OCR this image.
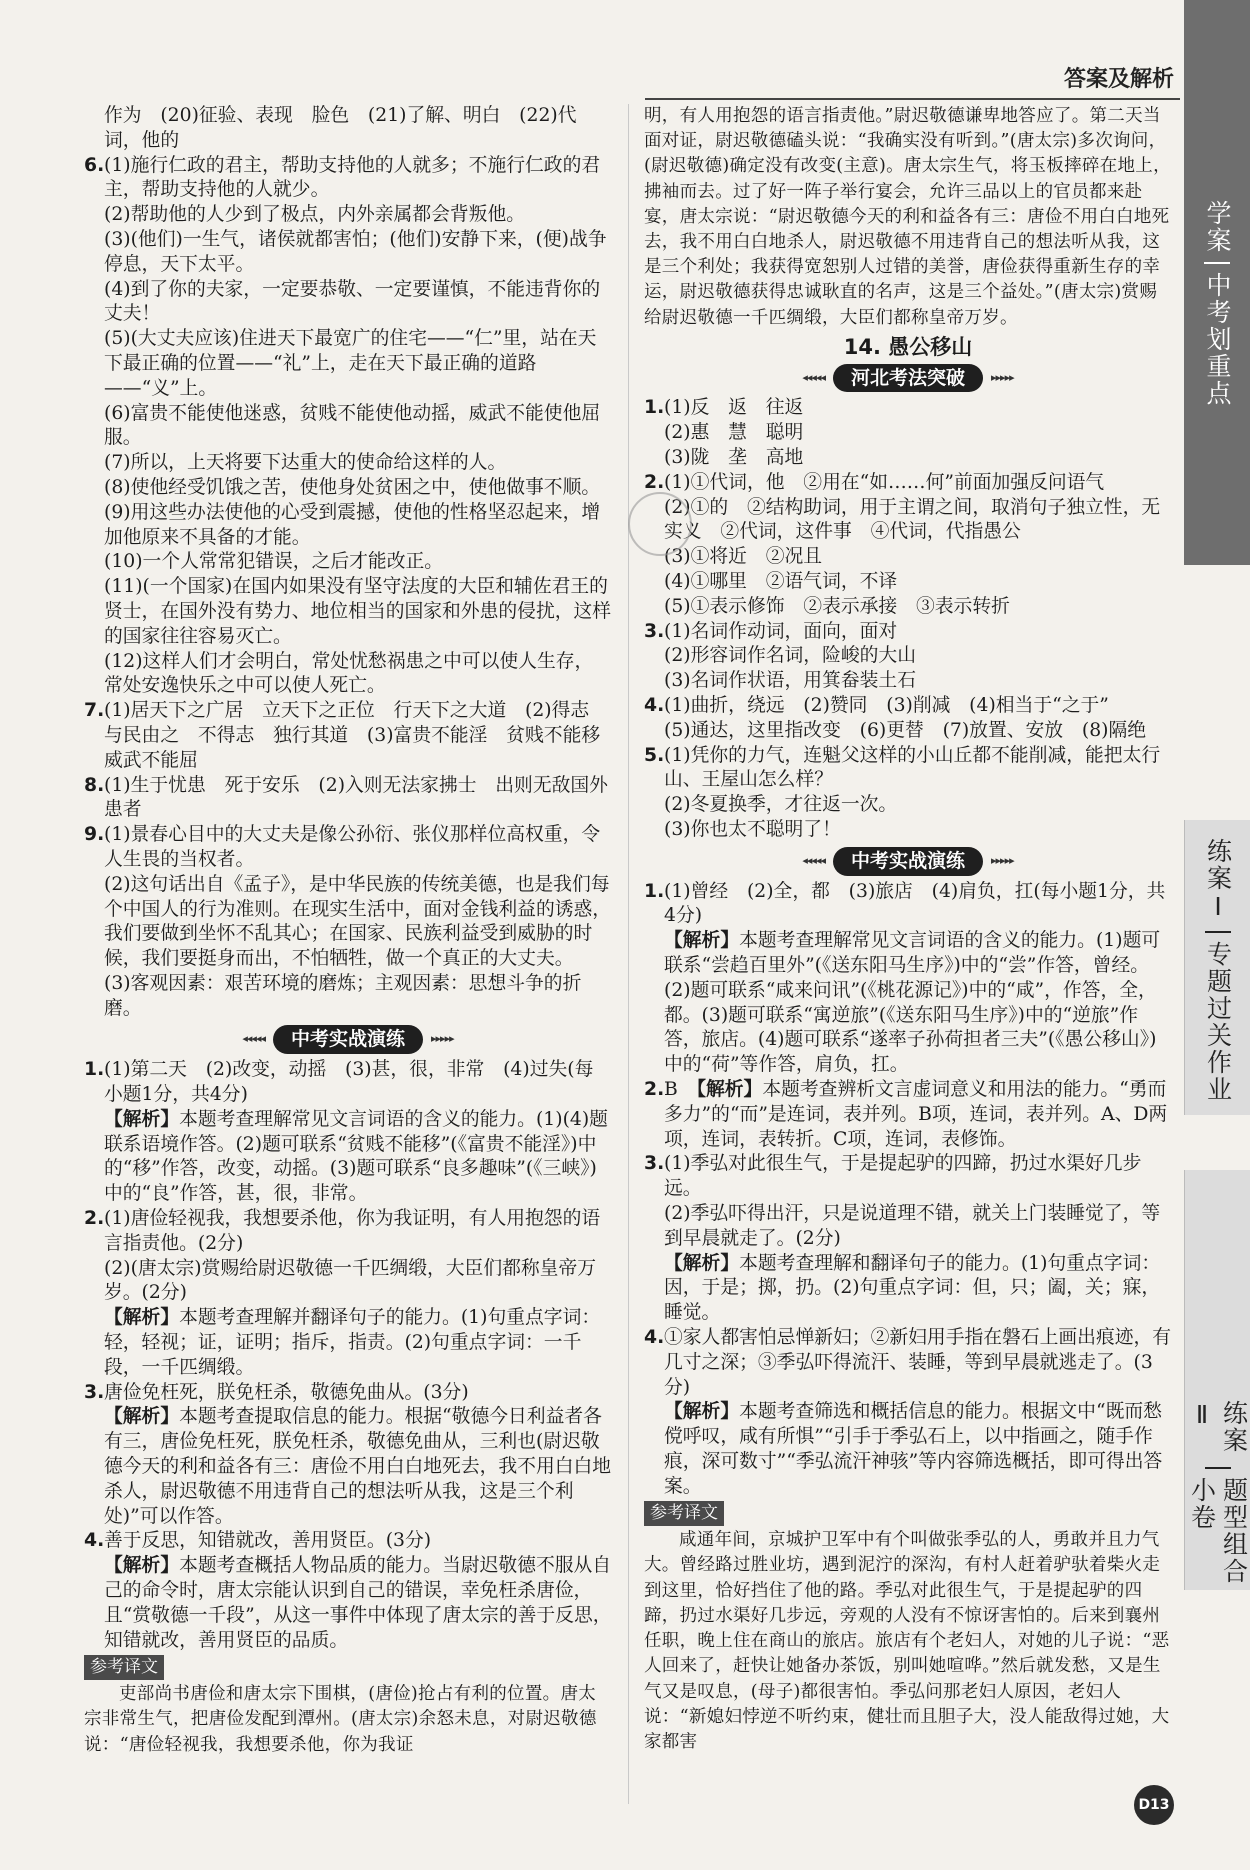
答案及解析
学案
中考划重点
练案Ⅰ
专题过关作业
练案Ⅱ
题型组合小卷

作为　(20)征验、表现　脸色　(21)了解、明白　(22)代词，他的

6. (1)施行仁政的君主，帮助支持他的人就多；不施行仁政的君主，帮助支持他的人就少。

(2)帮助他的人少到了极点，内外亲属都会背叛他。

(3)(他们)一生气，诸侯就都害怕；(他们)安静下来，(便)战争停息，天下太平。

(4)到了你的夫家，一定要恭敬、一定要谨慎，不能违背你的丈夫！

(5)(大丈夫应该)住进天下最宽广的住宅——“仁”里，站在天下最正确的位置——“礼”上，走在天下最正确的道路——“义”上。

(6)富贵不能使他迷惑，贫贱不能使他动摇，威武不能使他屈服。

(7)所以，上天将要下达重大的使命给这样的人。

(8)使他经受饥饿之苦，使他身处贫困之中，使他做事不顺。

(9)用这些办法使他的心受到震撼，使他的性格坚忍起来，增加他原来不具备的才能。

(10)一个人常常犯错误，之后才能改正。

(11)(一个国家)在国内如果没有坚守法度的大臣和辅佐君王的贤士，在国外没有势力、地位相当的国家和外患的侵扰，这样的国家往往容易灭亡。

(12)这样人们才会明白，常处忧愁祸患之中可以使人生存，常处安逸快乐之中可以使人死亡。

7. (1)居天下之广居　立天下之正位　行天下之大道　(2)得志　与民由之　不得志　独行其道　(3)富贵不能淫　贫贱不能移　威武不能屈

8. (1)生于忧患　死于安乐　(2)入则无法家拂士　出则无敌国外患者

9. (1)景春心目中的大丈夫是像公孙衍、张仪那样位高权重，令人生畏的当权者。

(2)这句话出自《孟子》，是中华民族的传统美德，也是我们每个中国人的行为准则。在现实生活中，面对金钱利益的诱惑，我们要做到坐怀不乱其心；在国家、民族利益受到威胁的时候，我们要挺身而出，不怕牺牲，做一个真正的大丈夫。

(3)客观因素：艰苦环境的磨炼；主观因素：思想斗争的折磨。

◂◂◂◂◂	中考实战演练	▸▸▸▸▸
1. (1)第二天　(2)改变，动摇　(3)甚，很，非常　(4)过失(每小题1分，共4分)

【解析】本题考查理解常见文言词语的含义的能力。(1)(4)题联系语境作答。(2)题可联系“贫贱不能移”(《富贵不能淫》)中的“移”作答，改变，动摇。(3)题可联系“良多趣味”(《三峡》)中的“良”作答，甚，很，非常。

2. (1)唐俭轻视我，我想要杀他，你为我证明，有人用抱怨的语言指责他。(2分)

(2)(唐太宗)赏赐给尉迟敬德一千匹绸缎，大臣们都称皇帝万岁。(2分)

【解析】本题考查理解并翻译句子的能力。(1)句重点字词：轻，轻视；证，证明；指斥，指责。(2)句重点字词：一千段，一千匹绸缎。

3. 唐俭免枉死，朕免枉杀，敬德免曲从。(3分)

【解析】本题考查提取信息的能力。根据“敬德今日利益者各有三，唐俭免枉死，朕免枉杀，敬德免曲从，三利也(尉迟敬德今天的利和益各有三：唐俭不用白白地死去，我不用白白地杀人，尉迟敬德不用违背自己的想法听从我，这是三个利处)”可以作答。

4. 善于反思，知错就改，善用贤臣。(3分)

【解析】本题考查概括人物品质的能力。当尉迟敬德不服从自己的命令时，唐太宗能认识到自己的错误，幸免枉杀唐俭，且“赏敬德一千段”，从这一事件中体现了唐太宗的善于反思，知错就改，善用贤臣的品质。

参考译文

吏部尚书唐俭和唐太宗下围棋，(唐俭)抢占有利的位置。唐太宗非常生气，把唐俭发配到潭州。(唐太宗)余怒未息，对尉迟敬德说：“唐俭轻视我，我想要杀他，你为我证

明，有人用抱怨的语言指责他。”尉迟敬德谦卑地答应了。第二天当面对证，尉迟敬德磕头说：“我确实没有听到。”(唐太宗)多次询问，(尉迟敬德)确定没有改变(主意)。唐太宗生气，将玉板摔碎在地上，拂袖而去。过了好一阵子举行宴会，允许三品以上的官员都来赴宴，唐太宗说：“尉迟敬德今天的利和益各有三：唐俭不用白白地死去，我不用白白地杀人，尉迟敬德不用违背自己的想法听从我，这是三个利处；我获得宽恕别人过错的美誉，唐俭获得重新生存的幸运，尉迟敬德获得忠诚耿直的名声，这是三个益处。”(唐太宗)赏赐给尉迟敬德一千匹绸缎，大臣们都称皇帝万岁。

14. 愚公移山
◂◂◂◂◂	河北考法突破	▸▸▸▸▸
1. (1)反　返　往返

(2)惠　慧　聪明

(3)陇　垄　高地

2. (1)①代词，他　②用在“如……何”前面加强反问语气

(2)①的　②结构助词，用于主谓之间，取消句子独立性，无实义　②代词，这件事　④代词，代指愚公

(3)①将近　②况且

(4)①哪里　②语气词，不译

(5)①表示修饰　②表示承接　③表示转折

3. (1)名词作动词，面向，面对

(2)形容词作名词，险峻的大山

(3)名词作状语，用箕畚装土石

4. (1)曲折，绕远　(2)赞同　(3)削减　(4)相当于“之于”

(5)通达，这里指改变　(6)更替　(7)放置、安放　(8)隔绝

5. (1)凭你的力气，连魁父这样的小山丘都不能削减，能把太行山、王屋山怎么样？

(2)冬夏换季，才往返一次。

(3)你也太不聪明了！

◂◂◂◂◂	中考实战演练	▸▸▸▸▸
1. (1)曾经　(2)全，都　(3)旅店　(4)肩负，扛(每小题1分，共4分)

【解析】本题考查理解常见文言词语的含义的能力。(1)题可联系“尝趋百里外”(《送东阳马生序》)中的“尝”作答，曾经。(2)题可联系“咸来问讯”(《桃花源记》)中的“咸”，作答，全，都。(3)题可联系“寓逆旅”(《送东阳马生序》)中的“逆旅”作答，旅店。(4)题可联系“遂率子孙荷担者三夫”(《愚公移山》)中的“荷”等作答，肩负，扛。

2. B　 【解析】本题考查辨析文言虚词意义和用法的能力。“勇而多力”的“而”是连词，表并列。B项，连词，表并列。A、D两项，连词，表转折。C项，连词，表修饰。

3. (1)季弘对此很生气，于是提起驴的四蹄，扔过水渠好几步远。

(2)季弘吓得出汗，只是说道理不错，就关上门装睡觉了，等到早晨就走了。(2分)

【解析】本题考查理解和翻译句子的能力。(1)句重点字词：因，于是；掷，扔。(2)句重点字词：但，只；阖，关；寐，睡觉。

4. ①家人都害怕忌惮新妇；②新妇用手指在磐石上画出痕迹，有几寸之深；③季弘吓得流汗、装睡，等到早晨就逃走了。(3分)

【解析】本题考查筛选和概括信息的能力。根据文中“既而愁傥呼叹，咸有所惧”“引手于季弘石上，以中指画之，随手作痕，深可数寸”“季弘流汗神骇”等内容筛选概括，即可得出答案。

参考译文

咸通年间，京城护卫军中有个叫做张季弘的人，勇敢并且力气大。曾经路过胜业坊，遇到泥泞的深沟，有村人赶着驴驮着柴火走到这里，恰好挡住了他的路。季弘对此很生气，于是提起驴的四蹄，扔过水渠好几步远，旁观的人没有不惊讶害怕的。后来到襄州任职，晚上住在商山的旅店。旅店有个老妇人，对她的儿子说：“恶人回来了，赶快让她备办茶饭，别叫她喧哗。”然后就发愁，又是生气又是叹息，(母子)都很害怕。季弘问那老妇人原因，老妇人说：“新媳妇悖逆不听约束，健壮而且胆子大，没人能敌得过她，大家都害

D13
